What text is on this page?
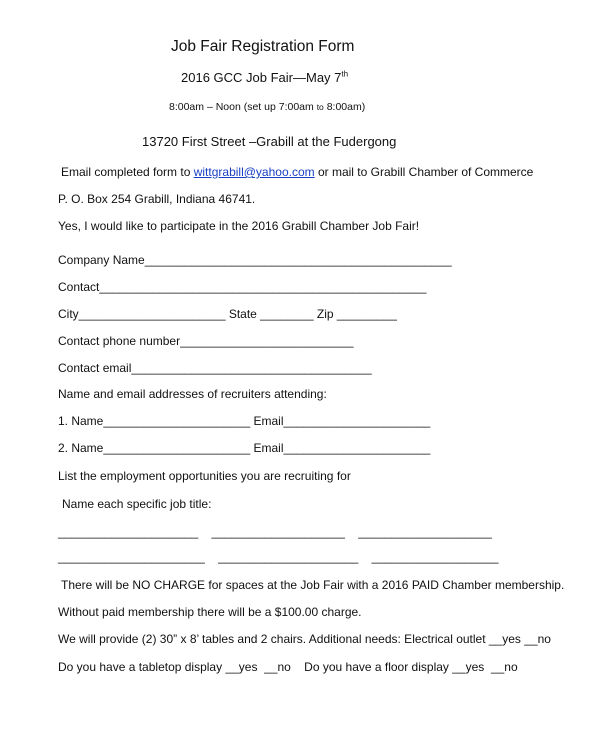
Job Fair Registration Form
2016 GCC Job Fair—May 7th
8:00am – Noon (set up 7:00am to 8:00am)
13720 First Street –Grabill at the Fudergong
Email completed form to wittgrabill@yahoo.com or mail to Grabill Chamber of Commerce
P. O. Box 254 Grabill, Indiana 46741.
Yes, I would like to participate in the 2016 Grabill Chamber Job Fair!
Company Name______________________________________________
Contact_________________________________________________
City______________________ State ________ Zip _________
Contact phone number__________________________
Contact email____________________________________
Name and email addresses of recruiters attending:
1. Name______________________ Email______________________
2. Name______________________ Email______________________
List the employment opportunities you are recruiting for
Name each specific job title:
_____________________    ____________________    ____________________
______________________    _____________________    ___________________
There will be NO CHARGE for spaces at the Job Fair with a 2016 PAID Chamber membership.
Without paid membership there will be a $100.00 charge.
We will provide (2) 30” x 8’ tables and 2 chairs. Additional needs: Electrical outlet __yes __no
Do you have a tabletop display __yes  __no    Do you have a floor display __yes  __no
